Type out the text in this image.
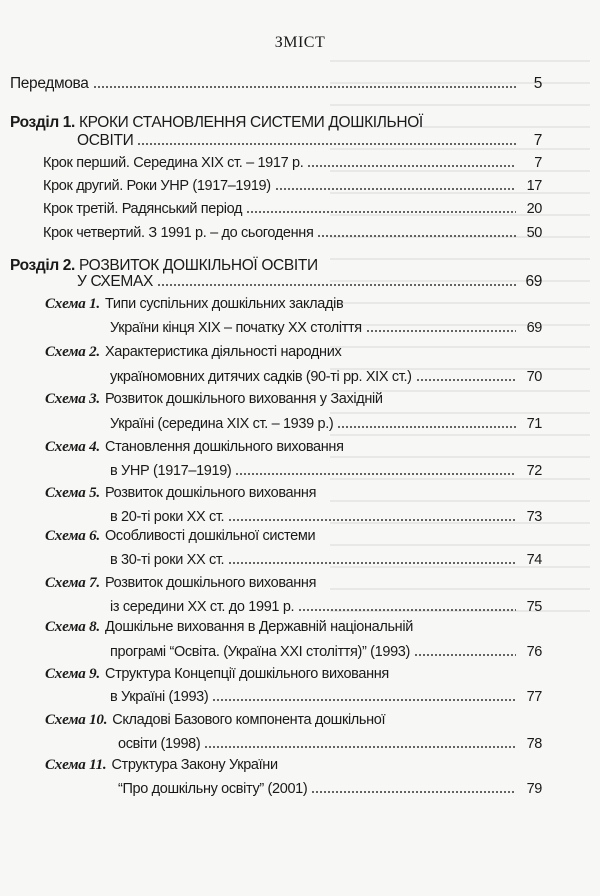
ЗМІСТ
Передмова	5
Розділ 1. КРОКИ СТАНОВЛЕННЯ СИСТЕМИ ДОШКІЛЬНОЇ
ОСВІТИ	7
Крок перший. Середина XIX ст. – 1917 р.	7
Крок другий. Роки УНР (1917–1919)	17
Крок третій. Радянський період	20
Крок четвертий. З 1991 р. – до сьогодення	50
Розділ 2. РОЗВИТОК ДОШКІЛЬНОЇ ОСВІТИ
У СХЕМАХ	69
Схема 1. Типи суспільних дошкільних закладів
України кінця XIX – початку XX століття	69
Схема 2. Характеристика діяльності народних
україномовних дитячих садків (90-ті рр. XIX ст.)	70
Схема 3. Розвиток дошкільного виховання у Західній
Україні (середина XIX ст. – 1939 р.)	71
Схема 4. Становлення дошкільного виховання
в УНР (1917–1919)	72
Схема 5. Розвиток дошкільного виховання
в 20-ті роки XX ст.	73
Схема 6. Особливості дошкільної системи
в 30-ті роки XX ст.	74
Схема 7. Розвиток дошкільного виховання
із середини XX ст. до 1991 р.	75
Схема 8. Дошкільне виховання в Державній національній
програмі “Освіта. (Україна XXI століття)” (1993)	76
Схема 9. Структура Концепції дошкільного виховання
в Україні (1993)	77
Схема 10. Складові Базового компонента дошкільної
освіти (1998)	78
Схема 11. Структура Закону України
“Про дошкільну освіту” (2001)	79
